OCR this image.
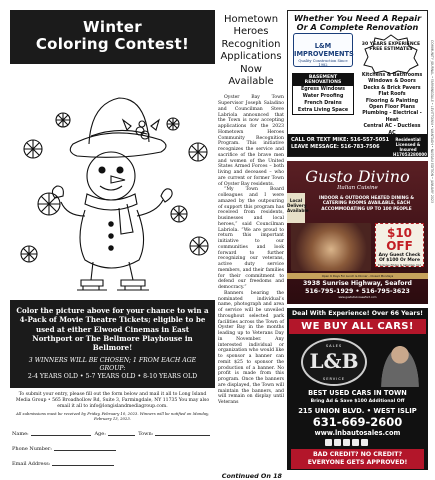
Winter
Coloring Contest!
Color the picture above for your chance to win a 4-Pack of Movie Theatre Tickets; eligible to be used at either Elwood Cinemas in East Northport or The Bellmore Playhouse in Bellmore!
3 WINNERS WILL BE CHOSEN; 1 FROM EACH AGE GROUP:
2-4 YEARS OLD • 5-7 YEARS OLD • 8-10 YEARS OLD
To submit your entry, please fill out the form below and mail it all to Long Island Media Group • 565 Broadhollow Rd, Suite 3, Farmingdale, NY 11735 You may also email it all to info@longislandmediagroup.com.
All submissions must be received by Friday, February 10, 2023. Winners will be notified on Monday, February 13, 2023.
Name:	Age:	Town:
Phone Number:
Email Address:
Hometown Heroes Recognition Applications Now Available

Oyster Bay Town Supervisor Joseph Saladino and Councilman Steve Labriola announced that the Town is now accepting applications for the 2023 Hometown Heroes Community Recognition Program. This initiative recognizes the service and sacrifice of the brave men and women of the United States Armed Forces – both living and deceased – who are current or former Town of Oyster Bay residents.

“My Town Board colleagues and I were amazed by the outpouring of support this program has received from residents, businesses and local heroes,” said Councilman Labriola. “We are proud to return this important initiative to our communities and look forward to further recognizing our veterans, active duty service members, and their families for their commitment to defend our freedoms and democracy.”

Banners bearing the nominated individual’s name, photograph and area of service will be unveiled throughout selected park facilities across the Town of Oyster Bay in the months leading up to Veterans Day in November. Any interested individual or organization who would like to sponsor a banner can remit $25 to sponsor the production of a banner. No profit is made from this program. Once the banners are displayed, the Town will maintain the banners, and will remain on display until Veterans

Continued On 18
Whether You Need A Repair
Or A Complete Renovation
L&M IMPROVEMENTS
Quality Construction Since 1982
30 YEARS EXPERIENCE FREE ESTIMATES
BASEMENT RENOVATIONS
Egress Windows
Water Proofing
French Drains
Extra Living Space
Kitchens & Bathrooms
Windows & Doors
Decks & Brick Pavers
Flat Roofs
Flooring & Painting
Open Floor Plans
Plumbing - Electrical - Heat
Central AC - Ductless
CALL OR TEXT MIKE: 516-557-5051
LEAVE MESSAGE: 516-783-7506
Residential Licensed & Insured H17053280000
Gusto Divino
Italian Cuisine
Local Delivery Available
INDOOR & OUTDOOR HEATED DINING & CATERING ROOMS AVAILABLE, EACH ACCOMMODATING UP TO 100 PEOPLE
$10 OFF
Any Guest Check Of $100 Or More
Excludes Friday & Saturday. Not valid with any other offers.
Open 6 Days For Lunch & Dinner - Closed Mondays
3938 Sunrise Highway, Seaford
516-795-1929 • 516-795-3623
www.gustodivinoseaford.com
Deal With Experience! Over 66 Years!
WE BUY ALL CARS!
SALES
L&B
SERVICE
BEST USED CARS IN TOWN
Bring Ad & Save $100 Additional Off
215 UNION BLVD. • WEST ISLIP
631-669-2600
www.lnbautosales.com
BAD CREDIT? NO CREDIT?
EVERYONE GETS APPROVED!
COMMUNITY JOURNAL • FARMINGDALE • LEVITTOWN • WANTAGH • NASSAU EDITION • JANUARY 2023
